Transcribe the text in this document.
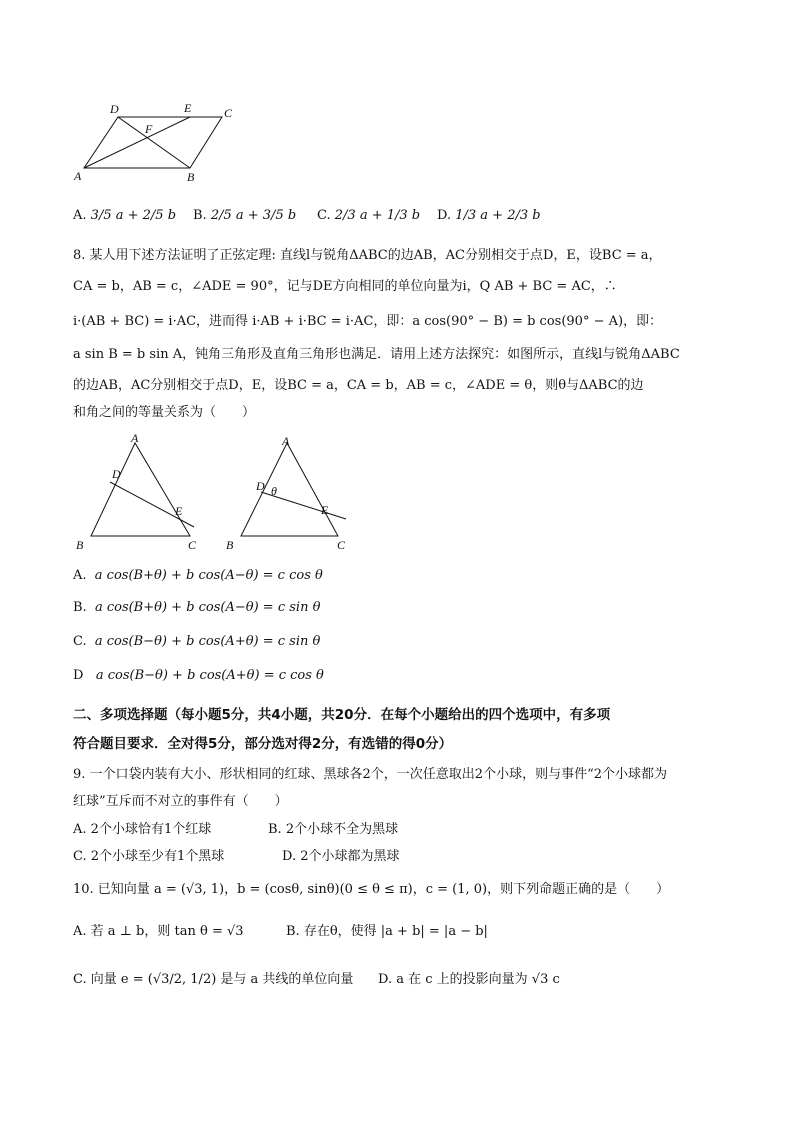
D	E	C
F
A	B
A. 3/5 a + 2/5 b B. 2/5 a + 3/5 b C. 2/3 a + 1/3 b D. 1/3 a + 2/3 b
8. 某人用下述方法证明了正弦定理: 直线l与锐角ΔABC的边AB，AC分别相交于点D，E，设BC = a，
CA = b，AB = c，∠ADE = 90°，记与DE方向相同的单位向量为i，Q AB + BC = AC，∴
i·(AB + BC) = i·AC，进而得 i·AB + i·BC = i·AC，即：a cos(90° − B) = b cos(90° − A)，即：
a sin B = b sin A，钝角三角形及直角三角形也满足．请用上述方法探究：如图所示，直线l与锐角ΔABC
的边AB，AC分别相交于点D，E，设BC = a，CA = b，AB = c，∠ADE = θ，则θ与ΔABC的边
和角之间的等量关系为（　　）
A
D
E
B	C
A
D θ
E
B	C
A. a cos(B+θ) + b cos(A−θ) = c cos θ
B. a cos(B+θ) + b cos(A−θ) = c sin θ
C. a cos(B−θ) + b cos(A+θ) = c sin θ
D a cos(B−θ) + b cos(A+θ) = c cos θ
二、多项选择题（每小题5分，共4小题，共20分．在每个小题给出的四个选项中，有多项
符合题目要求．全对得5分，部分选对得2分，有选错的得0分）
9. 一个口袋内装有大小、形状相同的红球、黑球各2个，一次任意取出2个小球，则与事件“2个小球都为
红球”互斥而不对立的事件有（　　）
A. 2个小球恰有1个红球	B. 2个小球不全为黑球
C. 2个小球至少有1个黑球	D. 2个小球都为黑球
10. 已知向量 a = (√3, 1)，b = (cosθ, sinθ)(0 ≤ θ ≤ π)，c = (1, 0)，则下列命题正确的是（　　）
A. 若 a ⊥ b，则 tan θ = √3	B. 存在θ，使得 |a + b| = |a − b|
C. 向量 e = (√3/2, 1/2) 是与 a 共线的单位向量 D. a 在 c 上的投影向量为 √3 c
